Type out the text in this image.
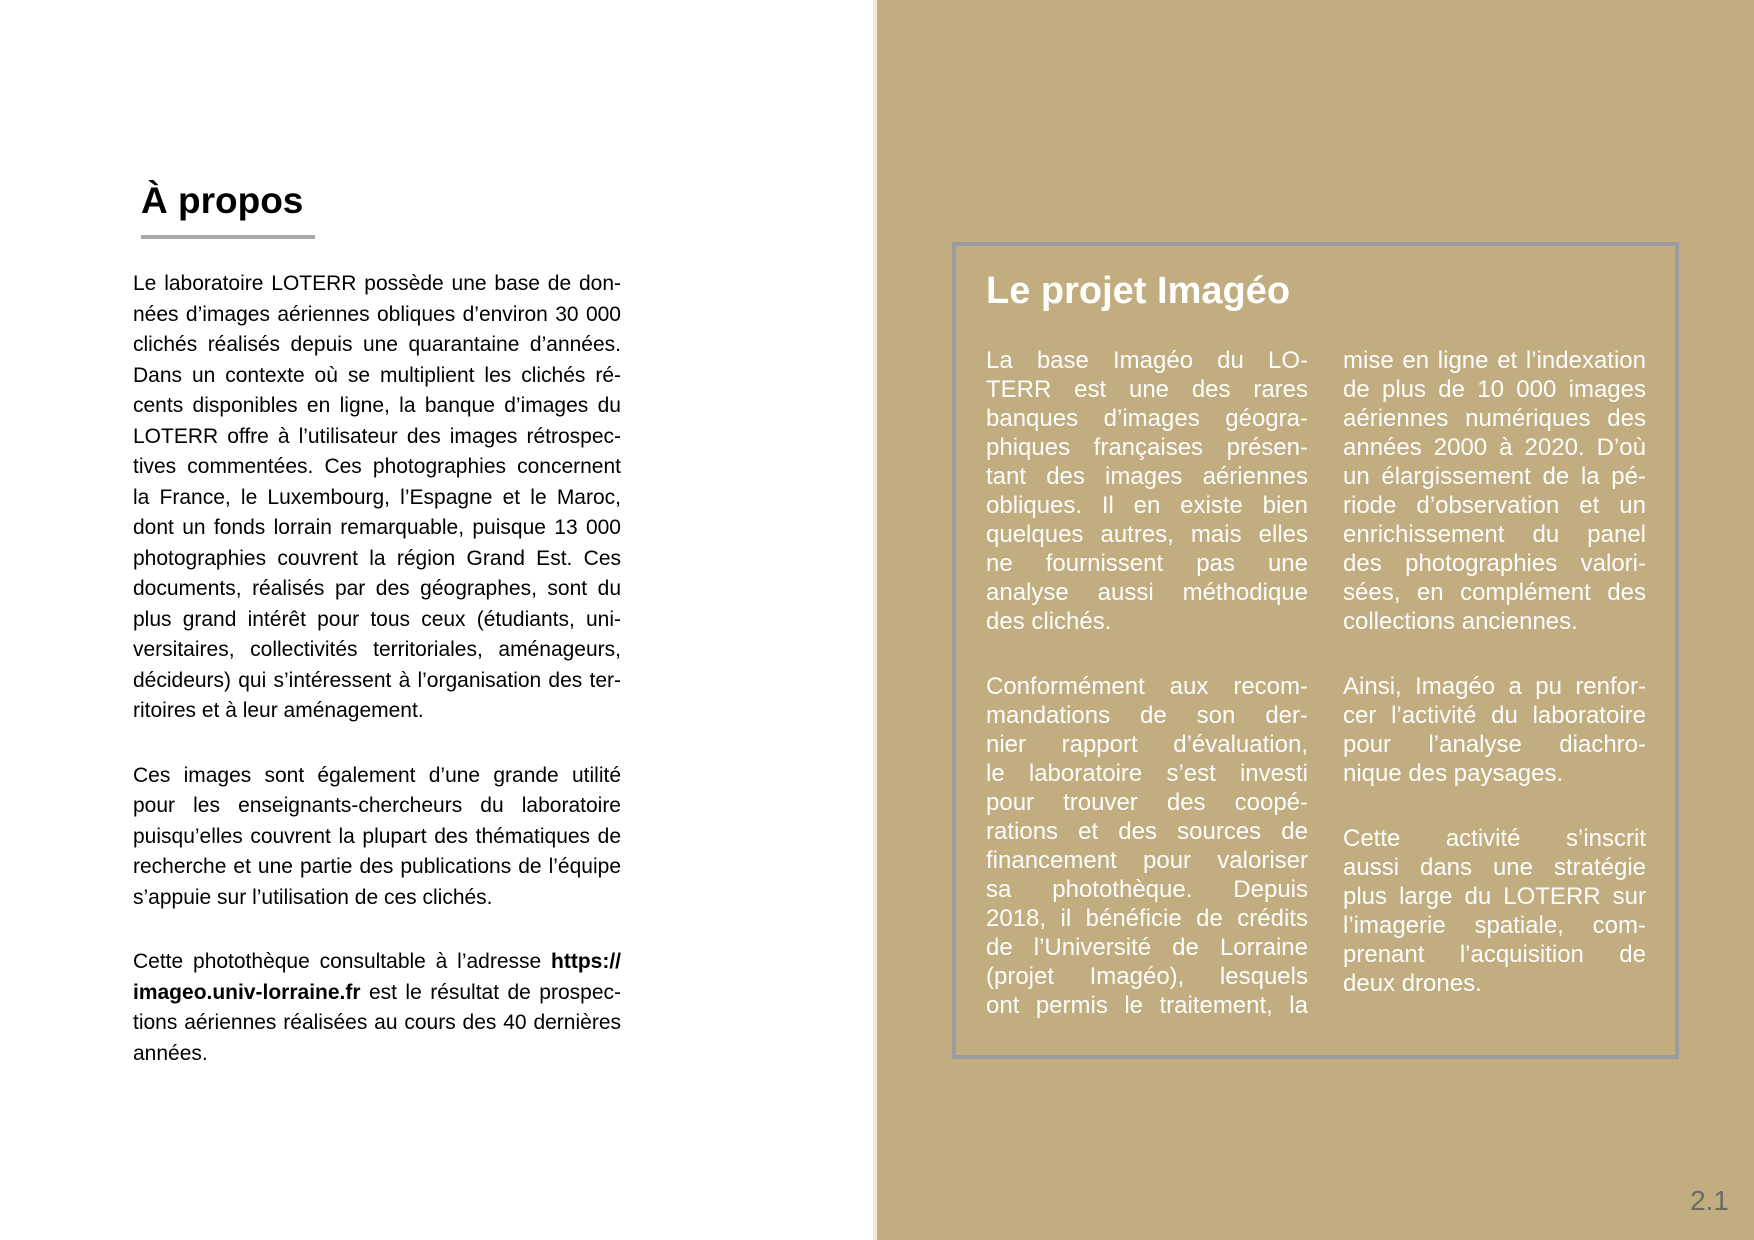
À propos
Le laboratoire LOTERR possède une base de don-
nées d’images aériennes obliques d’environ 30 000
clichés réalisés depuis une quarantaine d’années.
Dans un contexte où se multiplient les clichés ré-
cents disponibles en ligne, la banque d’images du
LOTERR offre à l’utilisateur des images rétrospec-
tives commentées. Ces photographies concernent
la France, le Luxembourg, l’Espagne et le Maroc,
dont un fonds lorrain remarquable, puisque 13 000
photographies couvrent la région Grand Est. Ces
documents, réalisés par des géographes, sont du
plus grand intérêt pour tous ceux (étudiants, uni-
versitaires, collectivités territoriales, aménageurs,
décideurs) qui s’intéressent à l’organisation des ter-
ritoires et à leur aménagement.
Ces images sont également d’une grande utilité
pour les enseignants-chercheurs du laboratoire
puisqu’elles couvrent la plupart des thématiques de
recherche et une partie des publications de l’équipe
s’appuie sur l’utilisation de ces clichés.
Cette photothèque consultable à l’adresse https://
imageo.univ-lorraine.fr est le résultat de prospec-
tions aériennes réalisées au cours des 40 dernières
années.
Le projet Imagéo
La base Imagéo du LO-
TERR est une des rares
banques d’images géogra-
phiques françaises présen-
tant des images aériennes
obliques. Il en existe bien
quelques autres, mais elles
ne fournissent pas une
analyse aussi méthodique
des clichés.
Conformément aux recom-
mandations de son der-
nier rapport d’évaluation,
le laboratoire s’est investi
pour trouver des coopé-
rations et des sources de
financement pour valoriser
sa photothèque. Depuis
2018, il bénéficie de crédits
de l’Université de Lorraine
(projet Imagéo), lesquels
ont permis le traitement, la
mise en ligne et l’indexation
de plus de 10 000 images
aériennes numériques des
années 2000 à 2020. D’où
un élargissement de la pé-
riode d’observation et un
enrichissement du panel
des photographies valori-
sées, en complément des
collections anciennes.
Ainsi, Imagéo a pu renfor-
cer l’activité du laboratoire
pour l’analyse diachro-
nique des paysages.
Cette activité s’inscrit
aussi dans une stratégie
plus large du LOTERR sur
l’imagerie spatiale, com-
prenant l’acquisition de
deux drones.
2.1
